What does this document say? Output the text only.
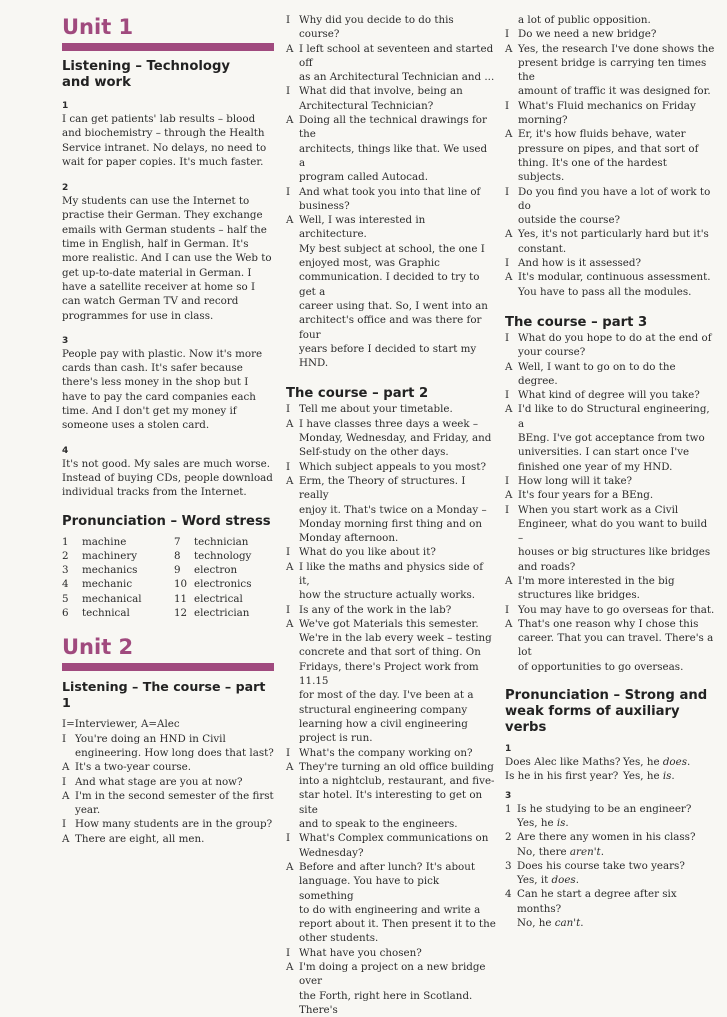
Unit 1
Listening – Technology and work
1

I can get patients' lab results – blood and biochemistry – through the Health Service intranet. No delays, no need to wait for paper copies. It's much faster.

2

My students can use the Internet to practise their German. They exchange emails with German students – half the time in English, half in German. It's more realistic. And I can use the Web to get up-to-date material in German. I have a satellite receiver at home so I can watch German TV and record programmes for use in class.

3

People pay with plastic. Now it's more cards than cash. It's safer because there's less money in the shop but I have to pay the card companies each time. And I don't get my money if someone uses a stolen card.

4

It's not good. My sales are much worse. Instead of buying CDs, people download individual tracks from the Internet.

Pronunciation – Word stress
1	machine	7	technician
2	machinery	8	technology
3	mechanics	9	electron
4	mechanic	10 electronics
5	mechanical	11 electrical
6	technical	12 electrician
Unit 2
Listening – The course – part 1
I=Interviewer, A=Alec
I You're doing an HND in Civil
engineering. How long does that last?
A It's a two-year course.
I And what stage are you at now?
A I'm in the second semester of the first
year.
I How many students are in the group?
A There are eight, all men.
I Why did you decide to do this course?
A I left school at seventeen and started off
as an Architectural Technician and ...
I What did that involve, being an
Architectural Technician?
A Doing all the technical drawings for the
architects, things like that. We used a
program called Autocad.
I And what took you into that line of
business?
A Well, I was interested in architecture.
My best subject at school, the one I
enjoyed most, was Graphic
communication. I decided to try to get a
career using that. So, I went into an
architect's office and was there for four
years before I decided to start my HND.
The course – part 2
I Tell me about your timetable.
A I have classes three days a week –
Monday, Wednesday, and Friday, and
Self-study on the other days.
I Which subject appeals to you most?
A Erm, the Theory of structures. I really
enjoy it. That's twice on a Monday –
Monday morning first thing and on
Monday afternoon.
I What do you like about it?
A I like the maths and physics side of it,
how the structure actually works.
I Is any of the work in the lab?
A We've got Materials this semester.
We're in the lab every week – testing
concrete and that sort of thing. On
Fridays, there's Project work from 11.15
for most of the day. I've been at a
structural engineering company
learning how a civil engineering
project is run.
I What's the company working on?
A They're turning an old office building
into a nightclub, restaurant, and five-
star hotel. It's interesting to get on site
and to speak to the engineers.
I What's Complex communications on
Wednesday?
A Before and after lunch? It's about
language. You have to pick something
to do with engineering and write a
report about it. Then present it to the
other students.
I What have you chosen?
A I'm doing a project on a new bridge over
the Forth, right here in Scotland. There's
a lot of public opposition.
I Do we need a new bridge?
A Yes, the research I've done shows the
present bridge is carrying ten times the
amount of traffic it was designed for.
I What's Fluid mechanics on Friday
morning?
A Er, it's how fluids behave, water
pressure on pipes, and that sort of
thing. It's one of the hardest subjects.
I Do you find you have a lot of work to do
outside the course?
A Yes, it's not particularly hard but it's
constant.
I And how is it assessed?
A It's modular, continuous assessment.
You have to pass all the modules.
The course – part 3
I What do you hope to do at the end of
your course?
A Well, I want to go on to do the degree.
I What kind of degree will you take?
A I'd like to do Structural engineering, a
BEng. I've got acceptance from two
universities. I can start once I've
finished one year of my HND.
I How long will it take?
A It's four years for a BEng.
I When you start work as a Civil
Engineer, what do you want to build –
houses or big structures like bridges
and roads?
A I'm more interested in the big
structures like bridges.
I You may have to go overseas for that.
A That's one reason why I chose this
career. That you can travel. There's a lot
of opportunities to go overseas.
Pronunciation – Strong and weak forms of auxiliary verbs
1
Does Alec like Maths? Yes, he does.
Is he in his first year? Yes, he is.
3
1 Is he studying to be an engineer?
Yes, he is.
2 Are there any women in his class?
No, there aren't.
3 Does his course take two years?
Yes, it does.
4 Can he start a degree after six months?
No, he can't.
